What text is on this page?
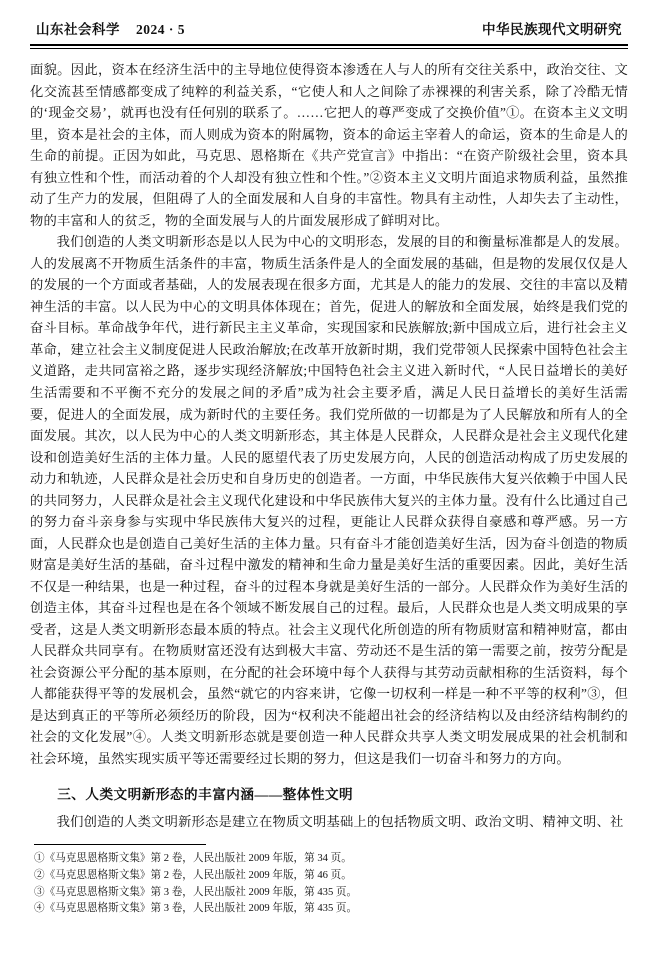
山东社会科学 2024 · 5	中华民族现代文明研究

面貌。因此，资本在经济生活中的主导地位使得资本渗透在人与人的所有交往关系中，政治交往、文化交流甚至情感都变成了纯粹的利益关系，“它使人和人之间除了赤裸裸的利害关系，除了冷酷无情的‘现金交易’，就再也没有任何别的联系了。……它把人的尊严变成了交换价值”①。在资本主义文明里，资本是社会的主体，而人则成为资本的附属物，资本的命运主宰着人的命运，资本的生命是人的生命的前提。正因为如此，马克思、恩格斯在《共产党宣言》中指出：“在资产阶级社会里，资本具有独立性和个性，而活动着的个人却没有独立性和个性。”②资本主义文明片面追求物质利益，虽然推动了生产力的发展，但阻碍了人的全面发展和人自身的丰富性。物具有主动性，人却失去了主动性，物的丰富和人的贫乏，物的全面发展与人的片面发展形成了鲜明对比。

我们创造的人类文明新形态是以人民为中心的文明形态，发展的目的和衡量标准都是人的发展。人的发展离不开物质生活条件的丰富，物质生活条件是人的全面发展的基础，但是物的发展仅仅是人的发展的一个方面或者基础，人的发展表现在很多方面，尤其是人的能力的发展、交往的丰富以及精神生活的丰富。以人民为中心的文明具体体现在；首先，促进人的解放和全面发展，始终是我们党的奋斗目标。革命战争年代，进行新民主主义革命，实现国家和民族解放;新中国成立后，进行社会主义革命，建立社会主义制度促进人民政治解放;在改革开放新时期，我们党带领人民探索中国特色社会主义道路，走共同富裕之路，逐步实现经济解放;中国特色社会主义进入新时代，“人民日益增长的美好生活需要和不平衡不充分的发展之间的矛盾”成为社会主要矛盾，满足人民日益增长的美好生活需要，促进人的全面发展，成为新时代的主要任务。我们党所做的一切都是为了人民解放和所有人的全面发展。其次，以人民为中心的人类文明新形态，其主体是人民群众，人民群众是社会主义现代化建设和创造美好生活的主体力量。人民的愿望代表了历史发展方向，人民的创造活动构成了历史发展的动力和轨迹，人民群众是社会历史和自身历史的创造者。一方面，中华民族伟大复兴依赖于中国人民的共同努力，人民群众是社会主义现代化建设和中华民族伟大复兴的主体力量。没有什么比通过自己的努力奋斗亲身参与实现中华民族伟大复兴的过程，更能让人民群众获得自豪感和尊严感。另一方面，人民群众也是创造自己美好生活的主体力量。只有奋斗才能创造美好生活，因为奋斗创造的物质财富是美好生活的基础，奋斗过程中激发的精神和生命力量是美好生活的重要因素。因此，美好生活不仅是一种结果，也是一种过程，奋斗的过程本身就是美好生活的一部分。人民群众作为美好生活的创造主体，其奋斗过程也是在各个领域不断发展自己的过程。最后，人民群众也是人类文明成果的享受者，这是人类文明新形态最本质的特点。社会主义现代化所创造的所有物质财富和精神财富，都由人民群众共同享有。在物质财富还没有达到极大丰富、劳动还不是生活的第一需要之前，按劳分配是社会资源公平分配的基本原则，在分配的社会环境中每个人获得与其劳动贡献相称的生活资料，每个人都能获得平等的发展机会，虽然“就它的内容来讲，它像一切权利一样是一种不平等的权利”③，但是达到真正的平等所必须经历的阶段，因为“权利决不能超出社会的经济结构以及由经济结构制约的社会的文化发展”④。人类文明新形态就是要创造一种人民群众共享人类文明发展成果的社会机制和社会环境，虽然实现实质平等还需要经过长期的努力，但这是我们一切奋斗和努力的方向。

三、人类文明新形态的丰富内涵——整体性文明

我们创造的人类文明新形态是建立在物质文明基础上的包括物质文明、政治文明、精神文明、社

①《马克思恩格斯文集》第 2 卷，人民出版社 2009 年版，第 34 页。
②《马克思恩格斯文集》第 2 卷，人民出版社 2009 年版，第 46 页。
③《马克思恩格斯文集》第 3 卷，人民出版社 2009 年版，第 435 页。
④《马克思恩格斯文集》第 3 卷，人民出版社 2009 年版，第 435 页。
